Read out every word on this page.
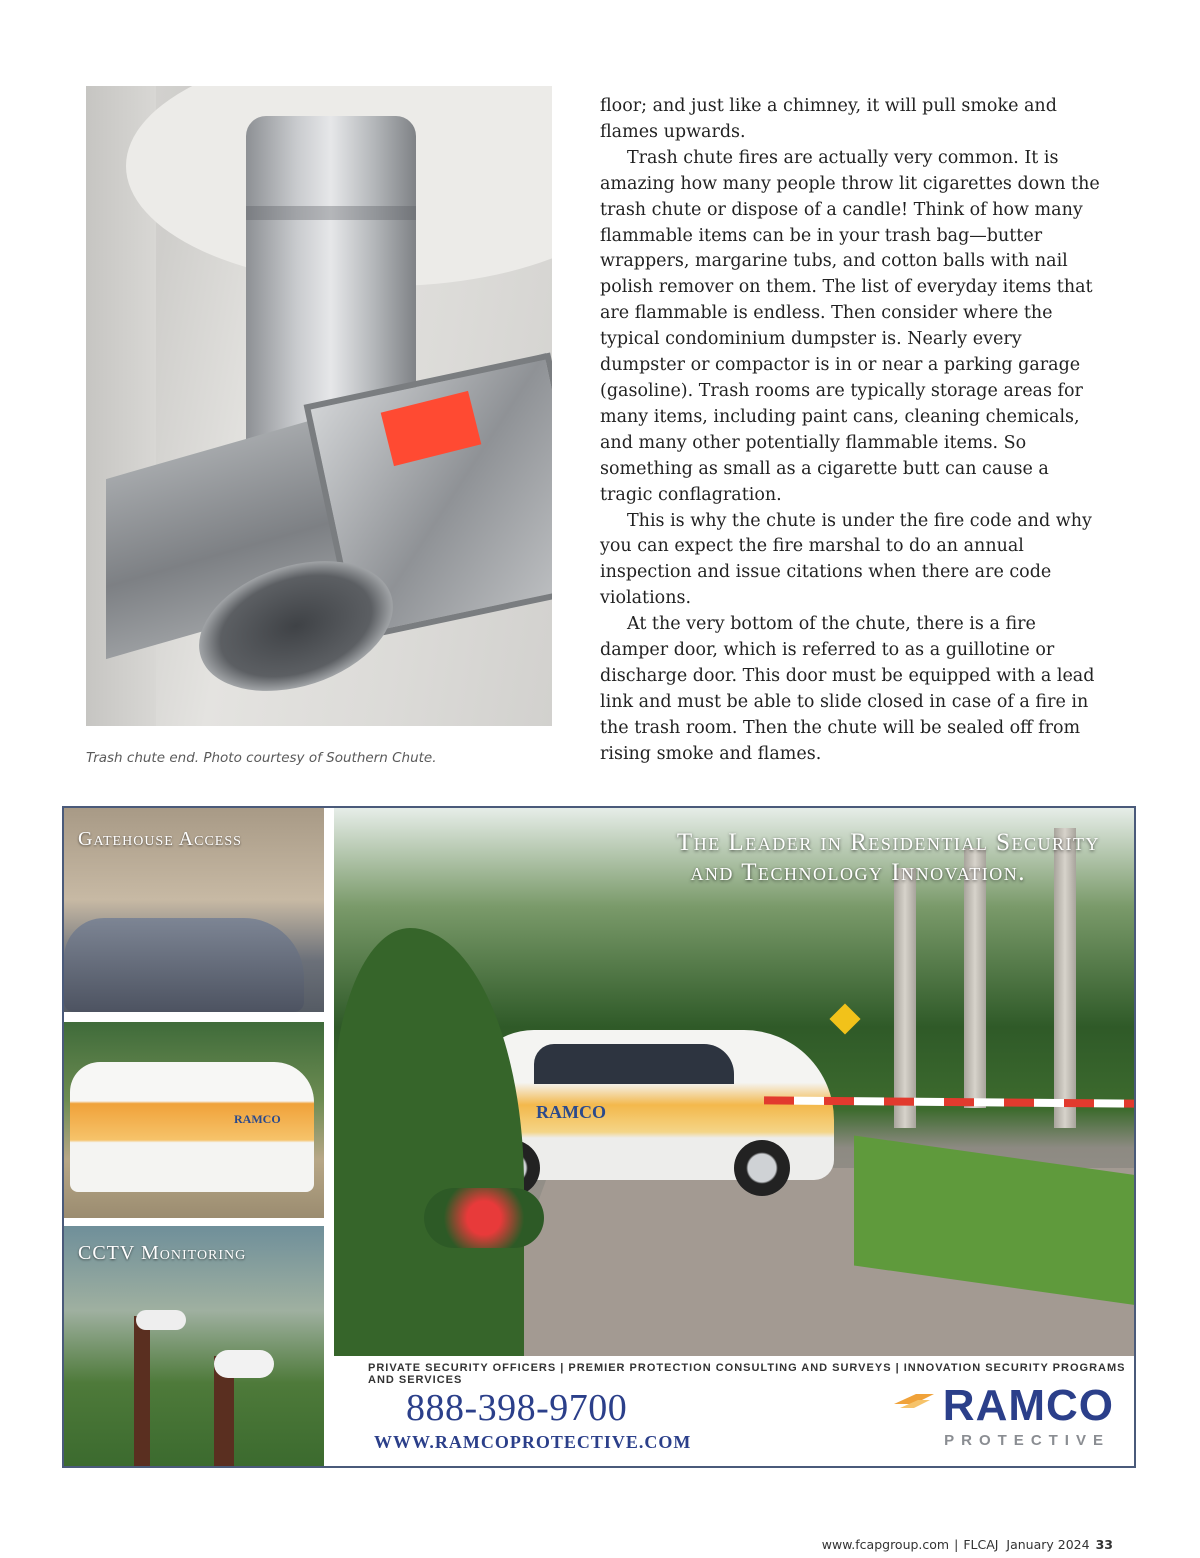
Trash chute end. Photo courtesy of Southern Chute.

floor; and just like a chimney, it will pull smoke and flames upwards.

Trash chute fires are actually very common. It is amazing how many people throw lit cigarettes down the trash chute or dispose of a candle! Think of how many flammable items can be in your trash bag—butter wrappers, margarine tubs, and cotton balls with nail polish remover on them. The list of everyday items that are flammable is endless. Then consider where the typical condominium dumpster is. Nearly every dumpster or compactor is in or near a parking garage (gasoline). Trash rooms are typically storage areas for many items, including paint cans, cleaning chemicals, and many other potentially flammable items. So something as small as a cigarette butt can cause a tragic conflagration.

This is why the chute is under the fire code and why you can expect the fire marshal to do an annual inspection and issue citations when there are code violations.

At the very bottom of the chute, there is a fire damper door, which is referred to as a guillotine or discharge door. This door must be equipped with a lead link and must be able to slide closed in case of a fire in the trash room. Then the chute will be sealed off from rising smoke and flames.

Gatehouse Access
RAMCO
CCTV Monitoring
RAMCO
The Leader in Residential Security
and Technology Innovation.
PRIVATE SECURITY OFFICERS | PREMIER PROTECTION CONSULTING AND SURVEYS | INNOVATION SECURITY PROGRAMS AND SERVICES
888-398-9700
WWW.RAMCOPROTECTIVE.COM
RAMCO
PROTECTIVE
www.fcapgroup.com | FLCAJ January 2024 33
